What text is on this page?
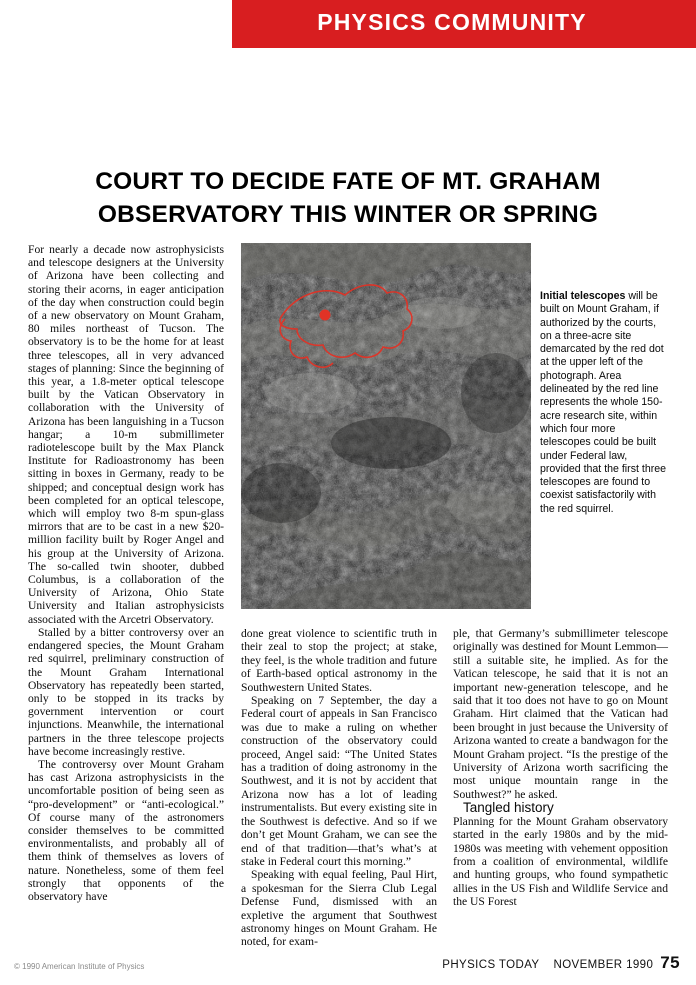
PHYSICS COMMUNITY
COURT TO DECIDE FATE OF MT. GRAHAM
OBSERVATORY THIS WINTER OR SPRING

For nearly a decade now astrophysicists and telescope designers at the University of Arizona have been collecting and storing their acorns, in eager anticipation of the day when construction could begin of a new observatory on Mount Graham, 80 miles northeast of Tucson. The observatory is to be the home for at least three telescopes, all in very advanced stages of planning: Since the beginning of this year, a 1.8-meter optical telescope built by the Vatican Observatory in collaboration with the University of Arizona has been languishing in a Tucson hangar; a 10-m submillimeter radiotelescope built by the Max Planck Institute for Radioastronomy has been sitting in boxes in Germany, ready to be shipped; and conceptual design work has been completed for an optical telescope, which will employ two 8-m spun-glass mirrors that are to be cast in a new $20-million facility built by Roger Angel and his group at the University of Arizona. The so-called twin shooter, dubbed Columbus, is a collaboration of the University of Arizona, Ohio State University and Italian astrophysicists associated with the Arcetri Observatory.

Stalled by a bitter controversy over an endangered species, the Mount Graham red squirrel, preliminary construction of the Mount Graham International Observatory has repeatedly been started, only to be stopped in its tracks by government intervention or court injunctions. Meanwhile, the international partners in the three telescope projects have become increasingly restive.

The controversy over Mount Graham has cast Arizona astrophysicists in the uncomfortable position of being seen as “pro-development” or “anti-ecological.” Of course many of the astronomers consider themselves to be committed environmentalists, and probably all of them think of themselves as lovers of nature. Nonetheless, some of them feel strongly that opponents of the observatory have

Initial telescopes will be built on Mount Graham, if authorized by the courts, on a three-acre site demarcated by the red dot at the upper left of the photograph. Area delineated by the red line represents the whole 150-acre research site, within which four more telescopes could be built under Federal law, provided that the first three telescopes are found to coexist satisfactorily with the red squirrel.

done great violence to scientific truth in their zeal to stop the project; at stake, they feel, is the whole tradition and future of Earth-based optical astronomy in the Southwestern United States.

Speaking on 7 September, the day a Federal court of appeals in San Francisco was due to make a ruling on whether construction of the observatory could proceed, Angel said: “The United States has a tradition of doing astronomy in the Southwest, and it is not by accident that Arizona now has a lot of leading instrumentalists. But every existing site in the Southwest is defective. And so if we don’t get Mount Graham, we can see the end of that tradition—that’s what’s at stake in Federal court this morning.”

Speaking with equal feeling, Paul Hirt, a spokesman for the Sierra Club Legal Defense Fund, dismissed with an expletive the argument that Southwest astronomy hinges on Mount Graham. He noted, for exam-

ple, that Germany’s submillimeter telescope originally was destined for Mount Lemmon—still a suitable site, he implied. As for the Vatican telescope, he said that it is not an important new-generation telescope, and he said that it too does not have to go on Mount Graham. Hirt claimed that the Vatican had been brought in just because the University of Arizona wanted to create a bandwagon for the Mount Graham project. “Is the prestige of the University of Arizona worth sacrificing the most unique mountain range in the Southwest?” he asked.

Tangled history

Planning for the Mount Graham observatory started in the early 1980s and by the mid-1980s was meeting with vehement opposition from a coalition of environmental, wildlife and hunting groups, who found sympathetic allies in the US Fish and Wildlife Service and the US Forest

© 1990 American Institute of Physics	PHYSICS TODAY NOVEMBER 1990 75
